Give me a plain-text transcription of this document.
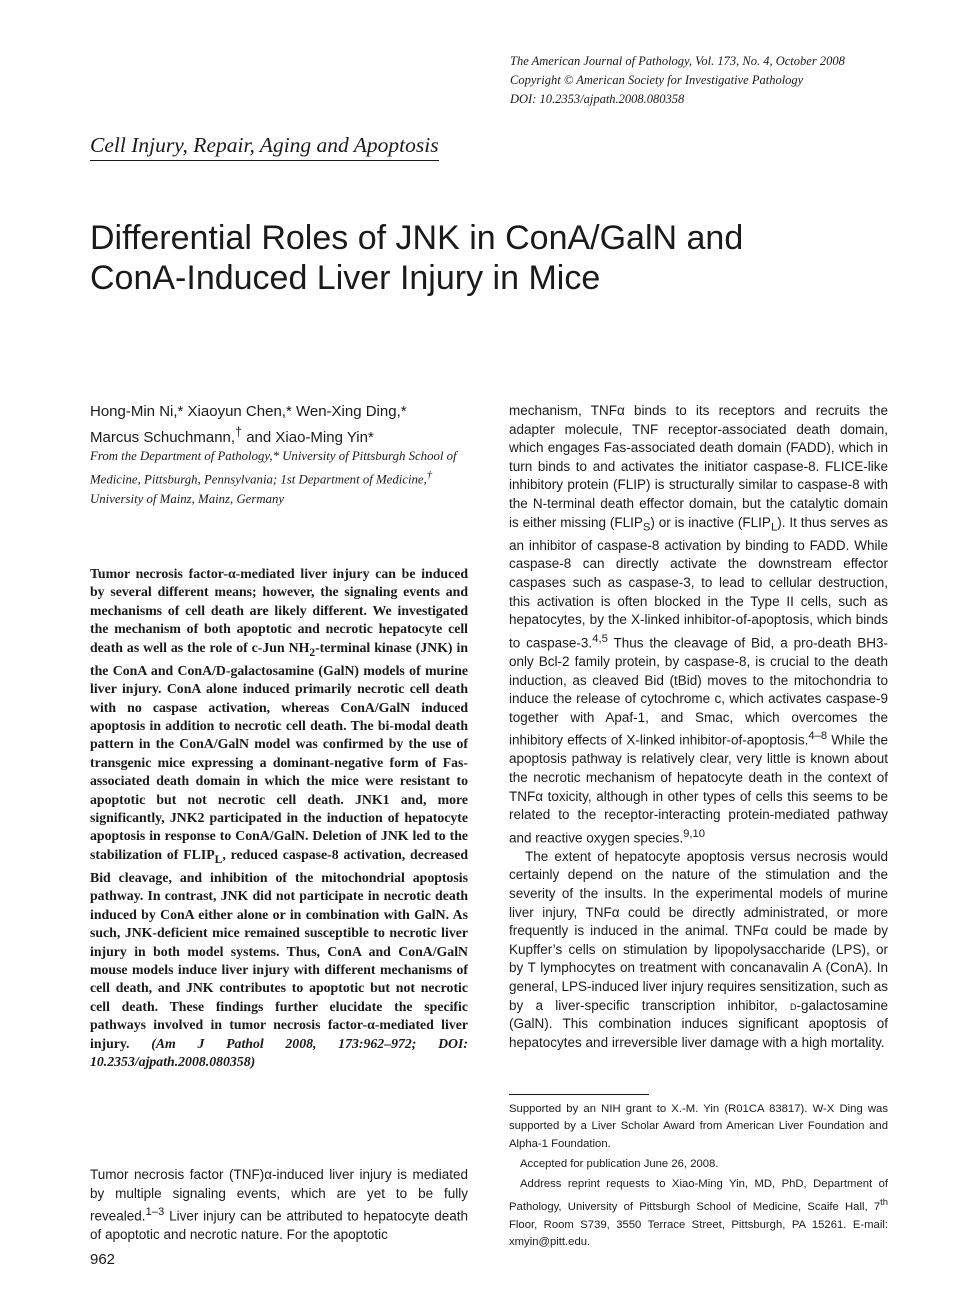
The American Journal of Pathology, Vol. 173, No. 4, October 2008
Copyright © American Society for Investigative Pathology
DOI: 10.2353/ajpath.2008.080358
Cell Injury, Repair, Aging and Apoptosis
Differential Roles of JNK in ConA/GalN and
ConA-Induced Liver Injury in Mice
Hong-Min Ni,* Xiaoyun Chen,* Wen-Xing Ding,*
Marcus Schuchmann,† and Xiao-Ming Yin*
From the Department of Pathology,* University of Pittsburgh School of Medicine, Pittsburgh, Pennsylvania; 1st Department of Medicine,† University of Mainz, Mainz, Germany

Tumor necrosis factor-α-mediated liver injury can be induced by several different means; however, the signaling events and mechanisms of cell death are likely different. We investigated the mechanism of both apoptotic and necrotic hepatocyte cell death as well as the role of c-Jun $NH_2$-terminal kinase (JNK) in the ConA and ConA/D-galactosamine (GalN) models of murine liver injury. ConA alone induced primarily necrotic cell death with no caspase activation, whereas ConA/GalN induced apoptosis in addition to necrotic cell death. The bi-modal death pattern in the ConA/GalN model was confirmed by the use of transgenic mice expressing a dominant-negative form of Fas-associated death domain in which the mice were resistant to apoptotic but not necrotic cell death. JNK1 and, more significantly, JNK2 participated in the induction of hepatocyte apoptosis in response to ConA/GalN. Deletion of JNK led to the stabilization of $FLIP_L$, reduced caspase-8 activation, decreased Bid cleavage, and inhibition of the mitochondrial apoptosis pathway. In contrast, JNK did not participate in necrotic death induced by ConA either alone or in combination with GalN. As such, JNK-deficient mice remained susceptible to necrotic liver injury in both model systems. Thus, ConA and ConA/GalN mouse models induce liver injury with different mechanisms of cell death, and JNK contributes to apoptotic but not necrotic cell death. These findings further elucidate the specific pathways involved in tumor necrosis factor-α-mediated liver injury. (Am J Pathol 2008, 173:962–972; DOI: 10.2353/ajpath.2008.080358)

Tumor necrosis factor (TNF)α-induced liver injury is mediated by multiple signaling events, which are yet to be fully revealed.$^{1-3}$ Liver injury can be attributed to hepatocyte death of apoptotic and necrotic nature. For the apoptotic

mechanism, TNFα binds to its receptors and recruits the adapter molecule, TNF receptor-associated death domain, which engages Fas-associated death domain (FADD), which in turn binds to and activates the initiator caspase-8. FLICE-like inhibitory protein (FLIP) is structurally similar to caspase-8 with the N-terminal death effector domain, but the catalytic domain is either missing $(FLIP_S)$ or is inactive $(FLIP_L)$. It thus serves as an inhibitor of caspase-8 activation by binding to FADD. While caspase-8 can directly activate the downstream effector caspases such as caspase-3, to lead to cellular destruction, this activation is often blocked in the Type II cells, such as hepatocytes, by the X-linked inhibitor-of-apoptosis, which binds to caspase-3.$^{4,5}$ Thus the cleavage of Bid, a pro-death BH3-only Bcl-2 family protein, by caspase-8, is crucial to the death induction, as cleaved Bid (tBid) moves to the mitochondria to induce the release of cytochrome c, which activates caspase-9 together with Apaf-1, and Smac, which overcomes the inhibitory effects of X-linked inhibitor-of-apoptosis.$^{4-8}$ While the apoptosis pathway is relatively clear, very little is known about the necrotic mechanism of hepatocyte death in the context of TNFα toxicity, although in other types of cells this seems to be related to the receptor-interacting protein-mediated pathway and reactive oxygen species.$^{9,10}$

The extent of hepatocyte apoptosis versus necrosis would certainly depend on the nature of the stimulation and the severity of the insults. In the experimental models of murine liver injury, TNFα could be directly administrated, or more frequently is induced in the animal. TNFα could be made by Kupffer’s cells on stimulation by lipopolysaccharide (LPS), or by T lymphocytes on treatment with concanavalin A (ConA). In general, LPS-induced liver injury requires sensitization, such as by a liver-specific transcription inhibitor, d-galactosamine (GalN). This combination induces significant apoptosis of hepatocytes and irreversible liver damage with a high mortality.

Supported by an NIH grant to X.-M. Yin (R01CA 83817). W-X Ding was supported by a Liver Scholar Award from American Liver Foundation and Alpha-1 Foundation.

Accepted for publication June 26, 2008.

Address reprint requests to Xiao-Ming Yin, MD, PhD, Department of Pathology, University of Pittsburgh School of Medicine, Scaife Hall, 7th Floor, Room S739, 3550 Terrace Street, Pittsburgh, PA 15261. E-mail: xmyin@pitt.edu.

962
